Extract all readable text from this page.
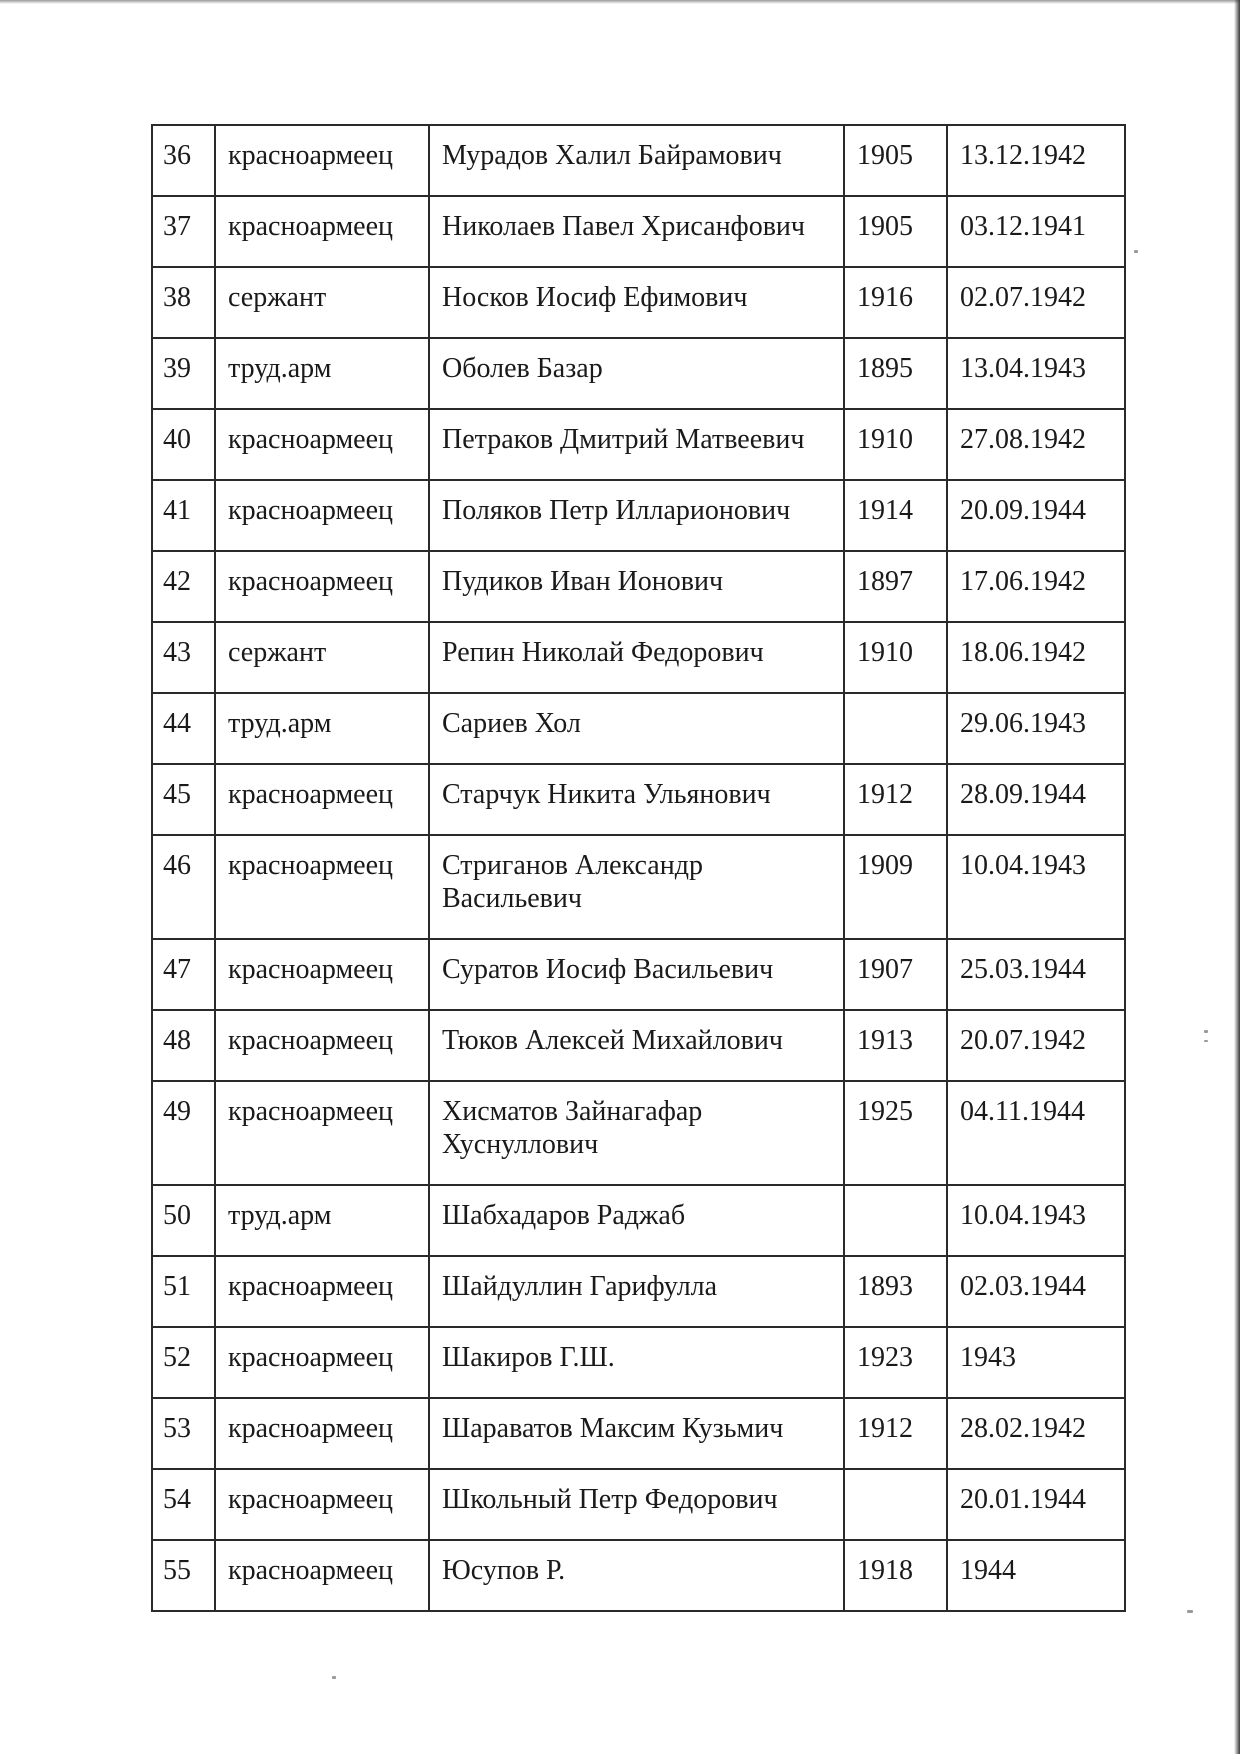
36	красноармеец	Мурадов Халил Байрамович	1905	13.12.1942
37	красноармеец	Николаев Павел Хрисанфович	1905	03.12.1941
38	сержант	Носков Иосиф Ефимович	1916	02.07.1942
39	труд.арм	Оболев Базар	1895	13.04.1943
40	красноармеец	Петраков Дмитрий Матвеевич	1910	27.08.1942
41	красноармеец	Поляков Петр Илларионович	1914	20.09.1944
42	красноармеец	Пудиков Иван Ионович	1897	17.06.1942
43	сержант	Репин Николай Федорович	1910	18.06.1942
44	труд.арм	Сариев Хол		29.06.1943
45	красноармеец	Старчук Никита Ульянович	1912	28.09.1944
46	красноармеец	Стриганов Александр Васильевич	1909	10.04.1943
47	красноармеец	Суратов Иосиф Васильевич	1907	25.03.1944
48	красноармеец	Тюков Алексей Михайлович	1913	20.07.1942
49	красноармеец	Хисматов Зайнагафар Хуснуллович	1925	04.11.1944
50	труд.арм	Шабхадаров Раджаб		10.04.1943
51	красноармеец	Шайдуллин Гарифулла	1893	02.03.1944
52	красноармеец	Шакиров Г.Ш.	1923	1943
53	красноармеец	Шараватов Максим Кузьмич	1912	28.02.1942
54	красноармеец	Школьный Петр Федорович		20.01.1944
55	красноармеец	Юсупов Р.	1918	1944
